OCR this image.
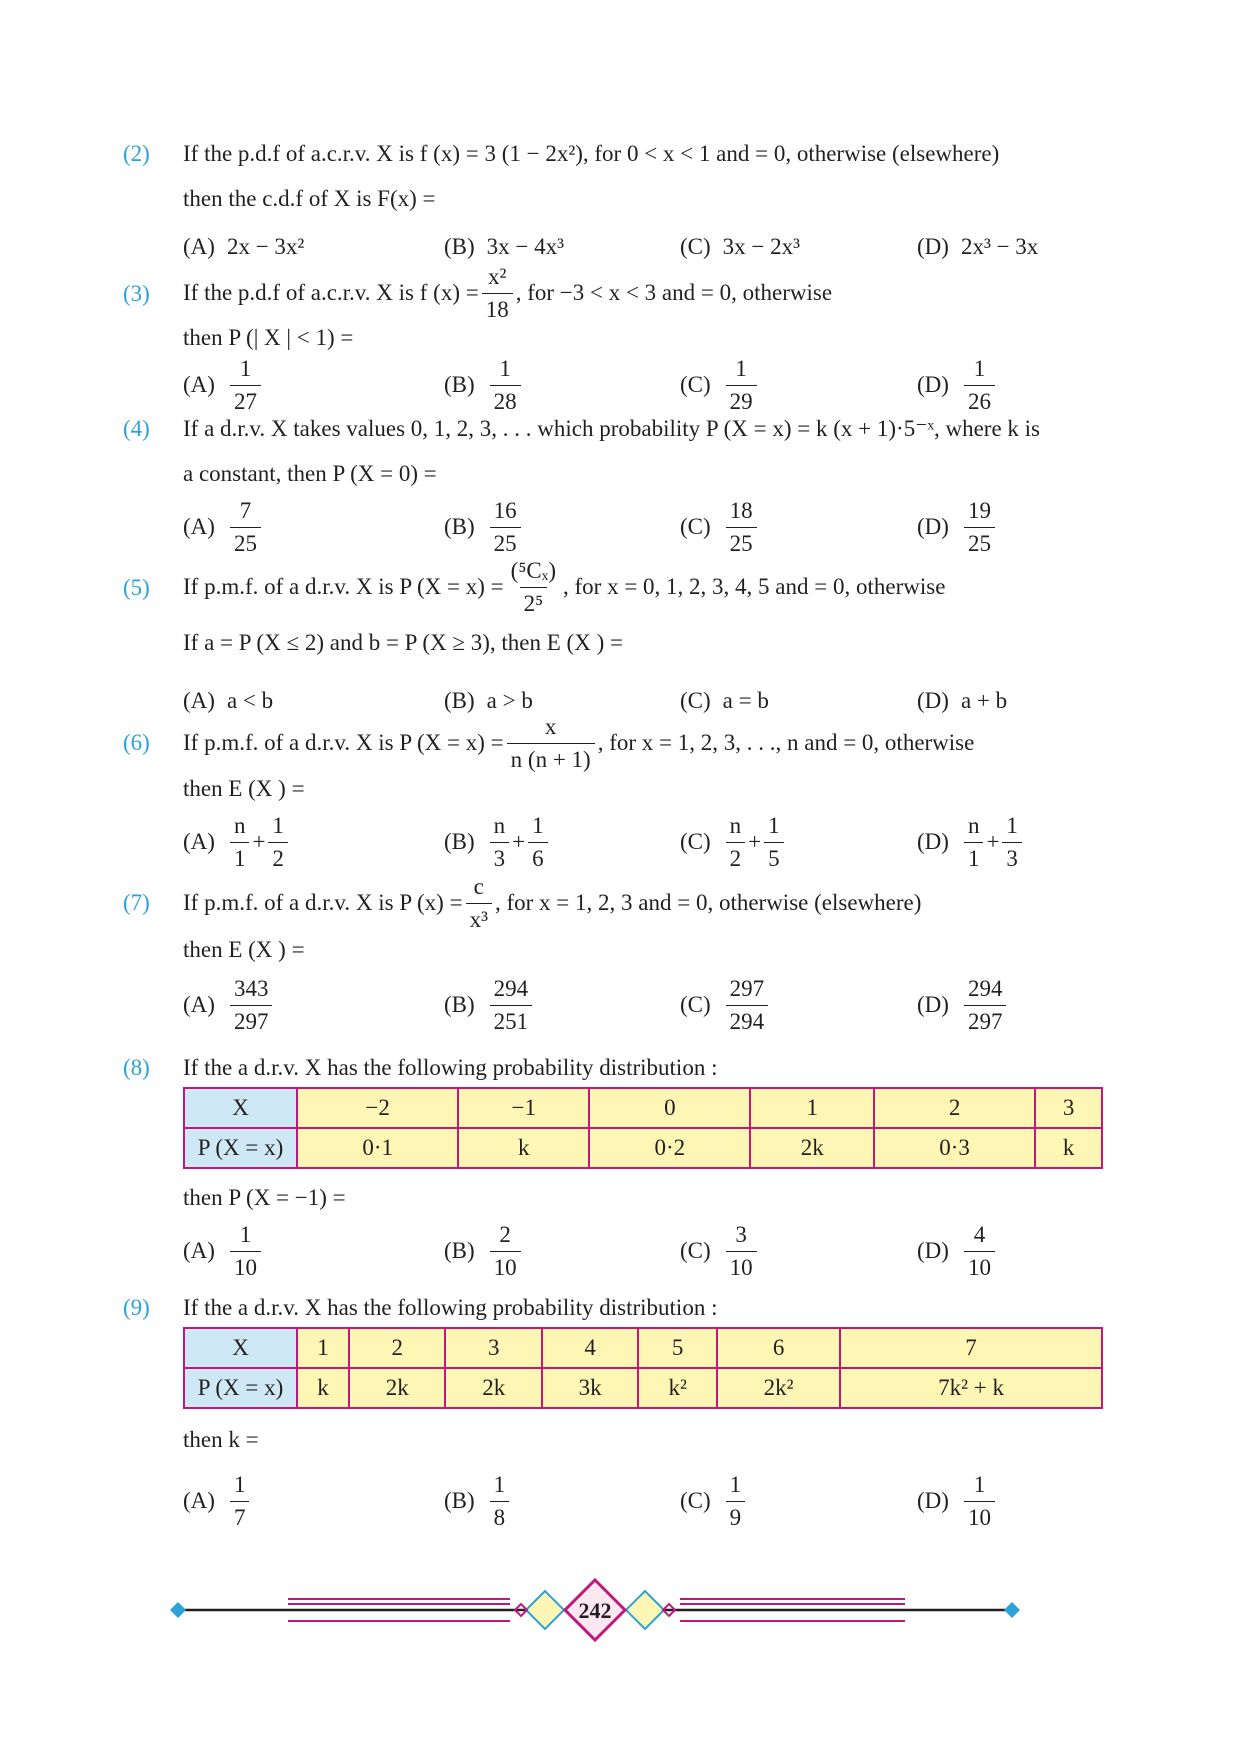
(2) If the p.d.f of a.c.r.v. X is f (x) = 3 (1 − 2x²), for 0 < x < 1 and = 0, otherwise (elsewhere)
then the c.d.f of X is F(x) =
(A) 2x − 3x²	(B) 3x − 4x³	(C) 3x − 2x³	(D) 2x³ − 3x
(3) If the p.d.f of a.c.r.v. X is f $(x) = \frac{\text{x²}}{18}$ , for −3 < x < 3 and = 0, otherwise
then P (| X | < 1) =
$(A) \frac{1}{27}$	$(B) \frac{1}{28}$	$(C) \frac{1}{29}$	$(D) \frac{1}{26}$
(4) If a d.r.v. X takes values 0, 1, 2, 3, . . . which probability P (X = x) = k (x + 1)·5⁻ˣ, where k is
a constant, then P (X = 0) =
$(A) \frac{7}{25}$	$(B) \frac{16}{25}$	$(C) \frac{18}{25}$	$(D) \frac{19}{25}$
(5) If p.m.f. of a d.r.v. X is P $(X = x) = \frac{\text{(⁵Cₓ)}}{\text{2⁵}}$ , for x = 0, 1, 2, 3, 4, 5 and = 0, otherwise
If a = P (X ≤ 2) and b = P (X ≥ 3), then E (X ) =
(A) a < b	(B) a > b	(C) a = b	(D) a + b
(6) If p.m.f. of a d.r.v. X is P $(X = x) = \frac{x}{n (n + 1)}$ , for x = 1, 2, 3, . . ., n and = 0, otherwise
then E (X ) =
$(A) \frac{n}{1} + \frac{1}{2}$	$(B) \frac{n}{3} + \frac{1}{6}$	$(C) \frac{n}{2} + \frac{1}{5}$	$(D) \frac{n}{1} + \frac{1}{3}$
(7) If p.m.f. of a d.r.v. X is P $(x) = \frac{c}{\text{x³}}$ , for x = 1, 2, 3 and = 0, otherwise (elsewhere)
then E (X ) =
$(A) \frac{343}{297}$	$(B) \frac{294}{251}$	$(C) \frac{297}{294}$	$(D) \frac{294}{297}$
(8) If the a d.r.v. X has the following probability distribution :
X	−2	−1	0	1	2	3
P (X = x)	0·1	k	0·2	2k	0·3	k
then P (X = −1) =
$(A) \frac{1}{10}$	$(B) \frac{2}{10}$	$(C) \frac{3}{10}$	$(D) \frac{4}{10}$
(9) If the a d.r.v. X has the following probability distribution :
X	1	2	3	4	5	6	7
P (X = x)	k	2k	2k	3k	k²	2k²	7k² + k
then k =
$(A) \frac{1}{7}$	$(B) \frac{1}{8}$	$(C) \frac{1}{9}$	$(D) \frac{1}{10}$
242
